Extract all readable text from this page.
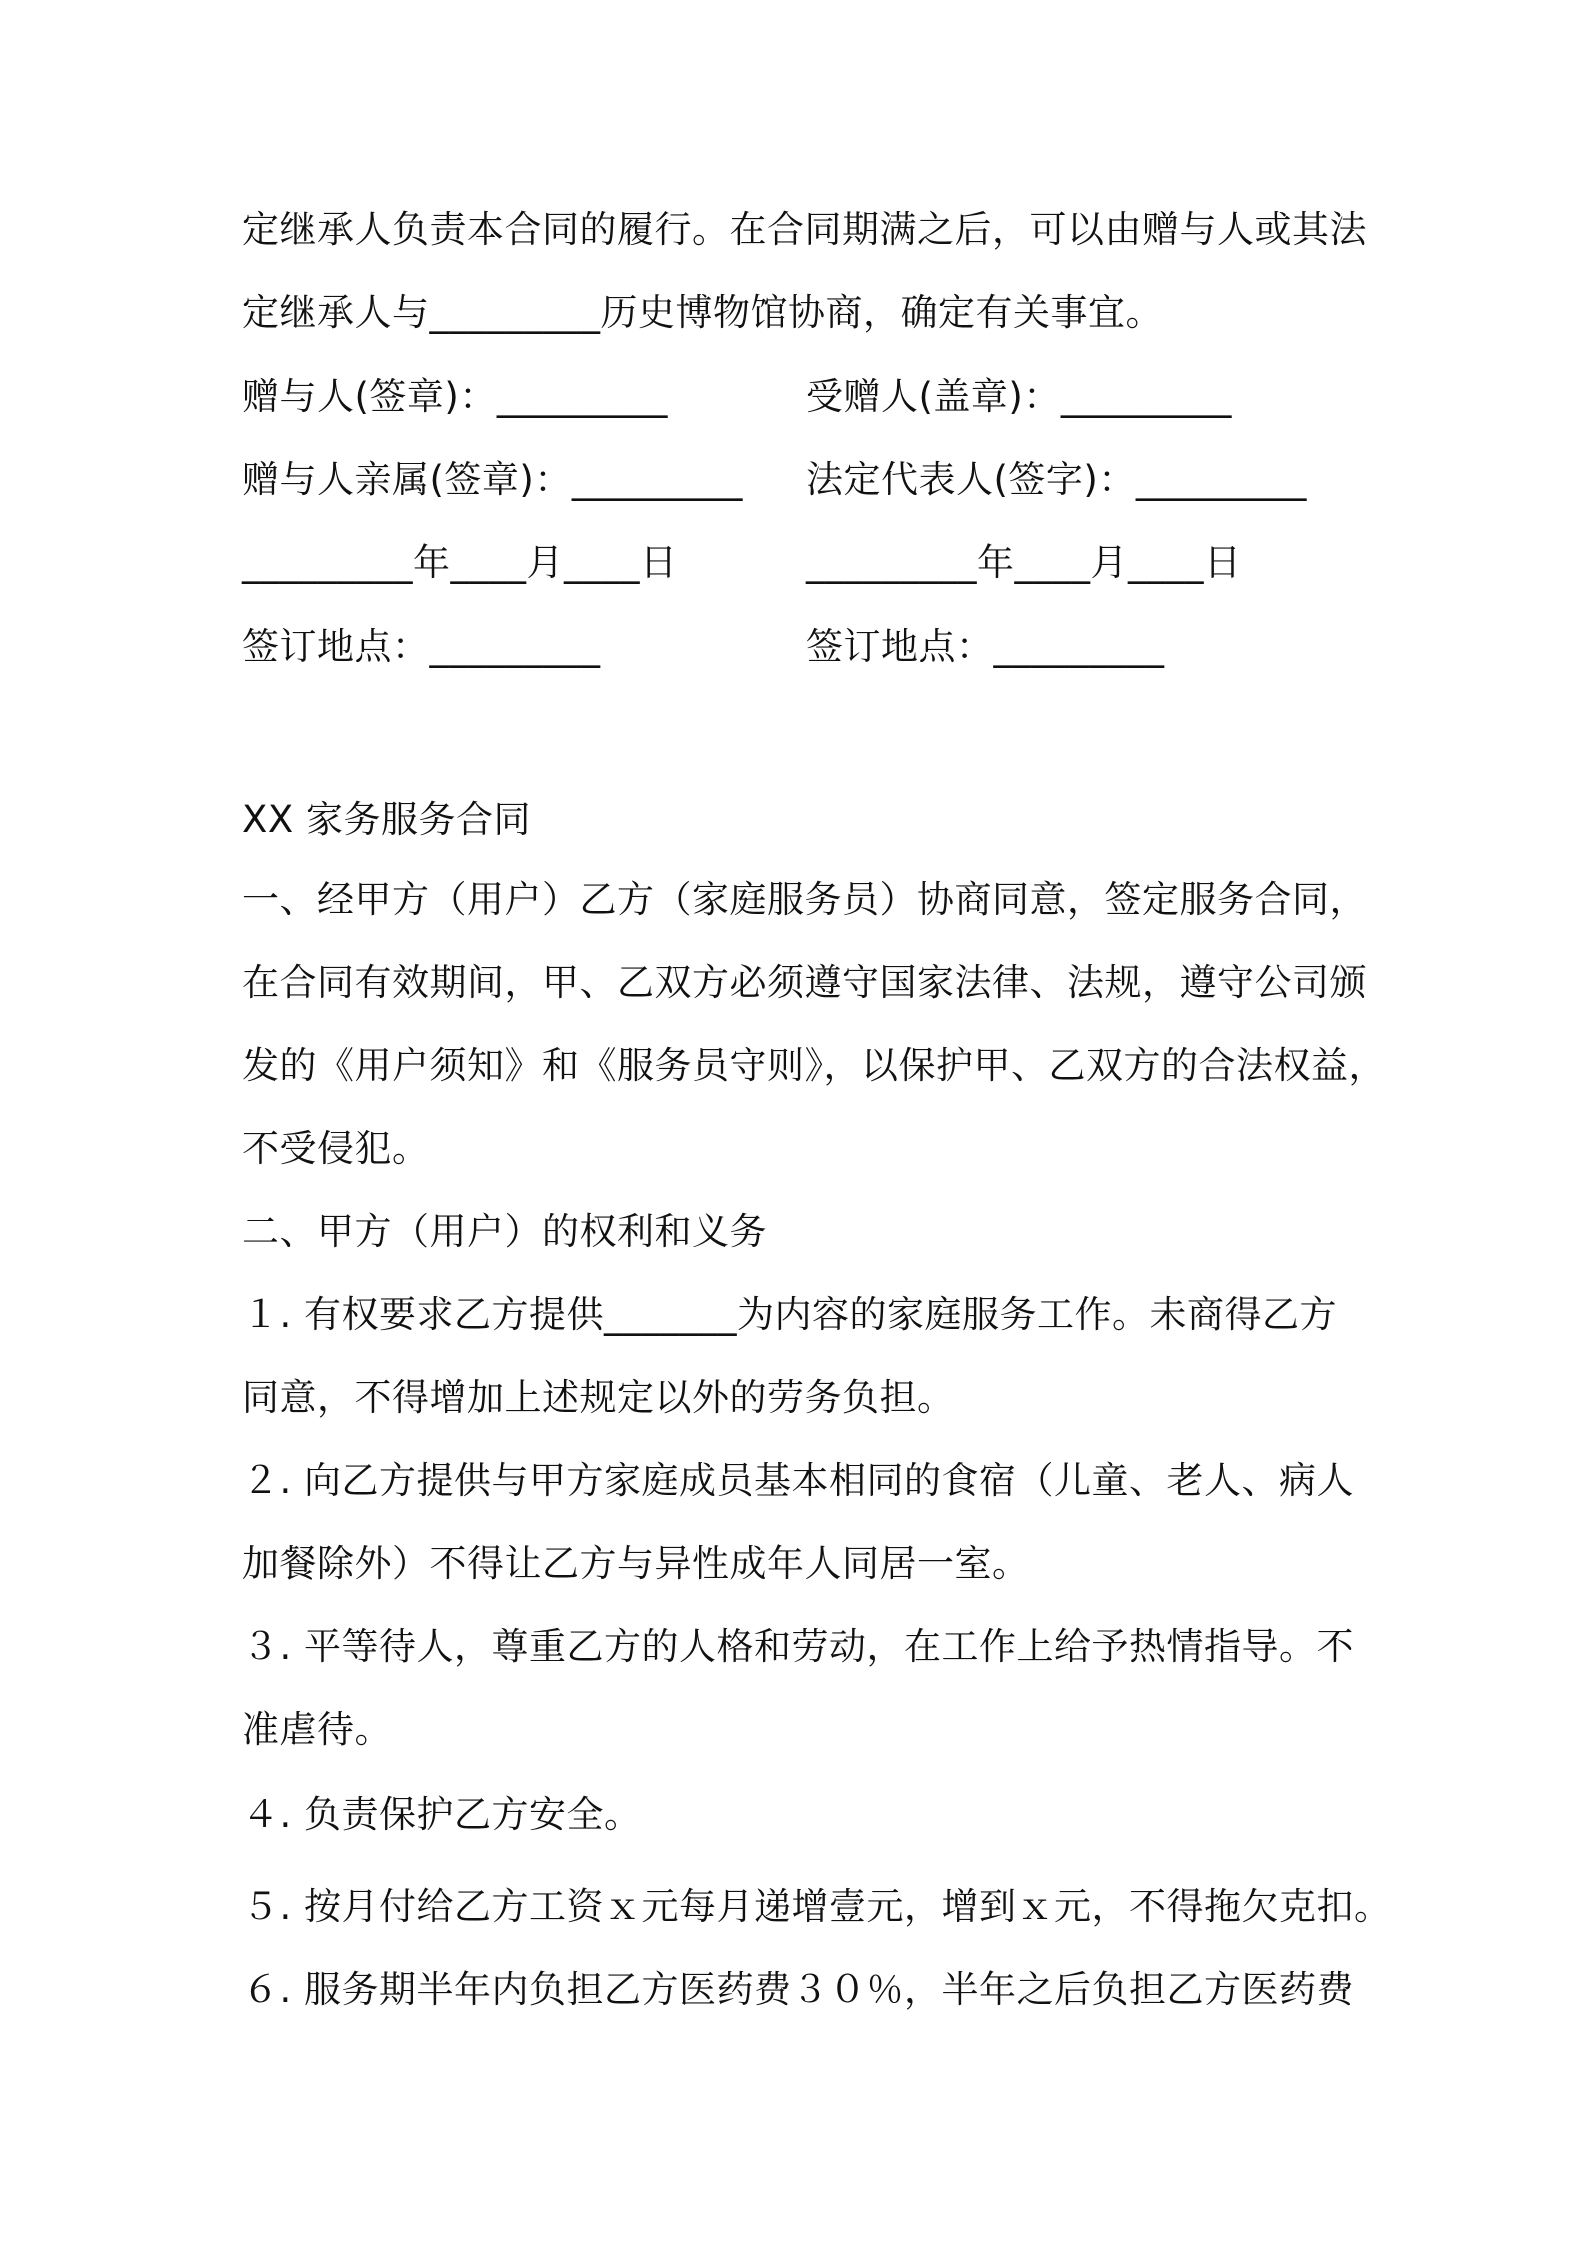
定继承人负责本合同的履行。在合同期满之后，可以由赠与人或其法
定继承人与_________历史博物馆协商，确定有关事宜。
赠与人(签章)：_________	受赠人(盖章)：_________
赠与人亲属(签章)：_________ 法定代表人(签字)：_________
_________年____月____日	_________年____月____日
签订地点：_________	签订地点：_________
XX 家务服务合同
一、经甲方（用户）乙方（家庭服务员）协商同意，签定服务合同，
在合同有效期间，甲、乙双方必须遵守国家法律、法规，遵守公司颁
发的《用户须知》和《服务员守则》，以保护甲、乙双方的合法权益，
不受侵犯。
二、甲方（用户）的权利和义务
１. 有权要求乙方提供_______为内容的家庭服务工作。未商得乙方
同意，不得增加上述规定以外的劳务负担。
２. 向乙方提供与甲方家庭成员基本相同的食宿（儿童、老人、病人
加餐除外）不得让乙方与异性成年人同居一室。
３. 平等待人，尊重乙方的人格和劳动，在工作上给予热情指导。不
准虐待。
４. 负责保护乙方安全。
５. 按月付给乙方工资ｘ元每月递增壹元，增到ｘ元，不得拖欠克扣。
６. 服务期半年内负担乙方医药费３０％，半年之后负担乙方医药费
